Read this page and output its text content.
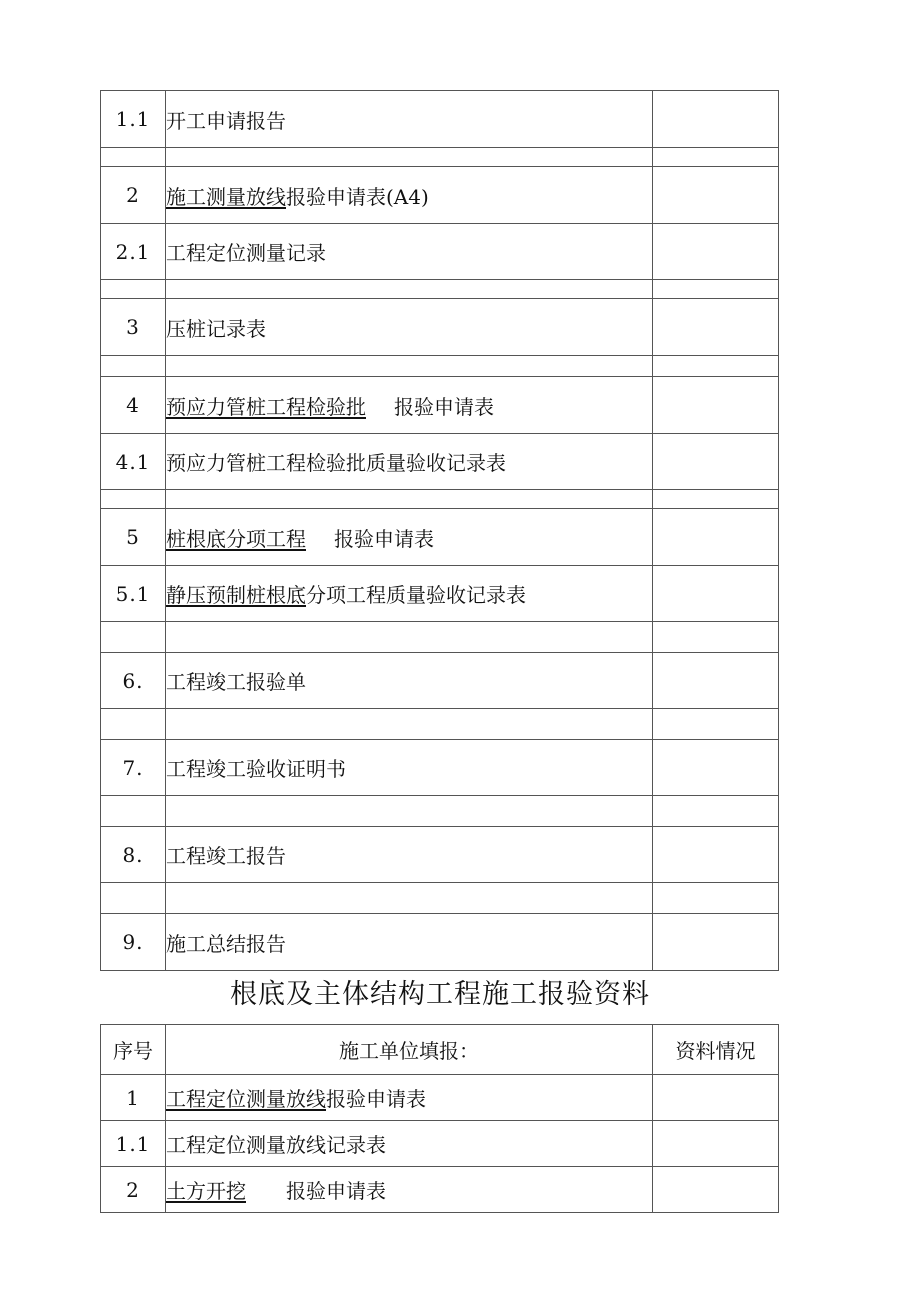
1.1	开工申请报告	

2	施工测量放线报验申请表(A4)	
2.1	工程定位测量记录	

3	压桩记录表	

4	预应力管桩工程检验批 报验申请表	
4.1	预应力管桩工程检验批质量验收记录表	

5	桩根底分项工程 报验申请表	
5.1	静压预制桩根底分项工程质量验收记录表	

6.	工程竣工报验单	

7.	工程竣工验收证明书	

8.	工程竣工报告	

9.	施工总结报告	
根底及主体结构工程施工报验资料
序号	施工单位填报：	资料情况
1	工程定位测量放线报验申请表	
1.1	工程定位测量放线记录表	
2	土方开挖 报验申请表	
